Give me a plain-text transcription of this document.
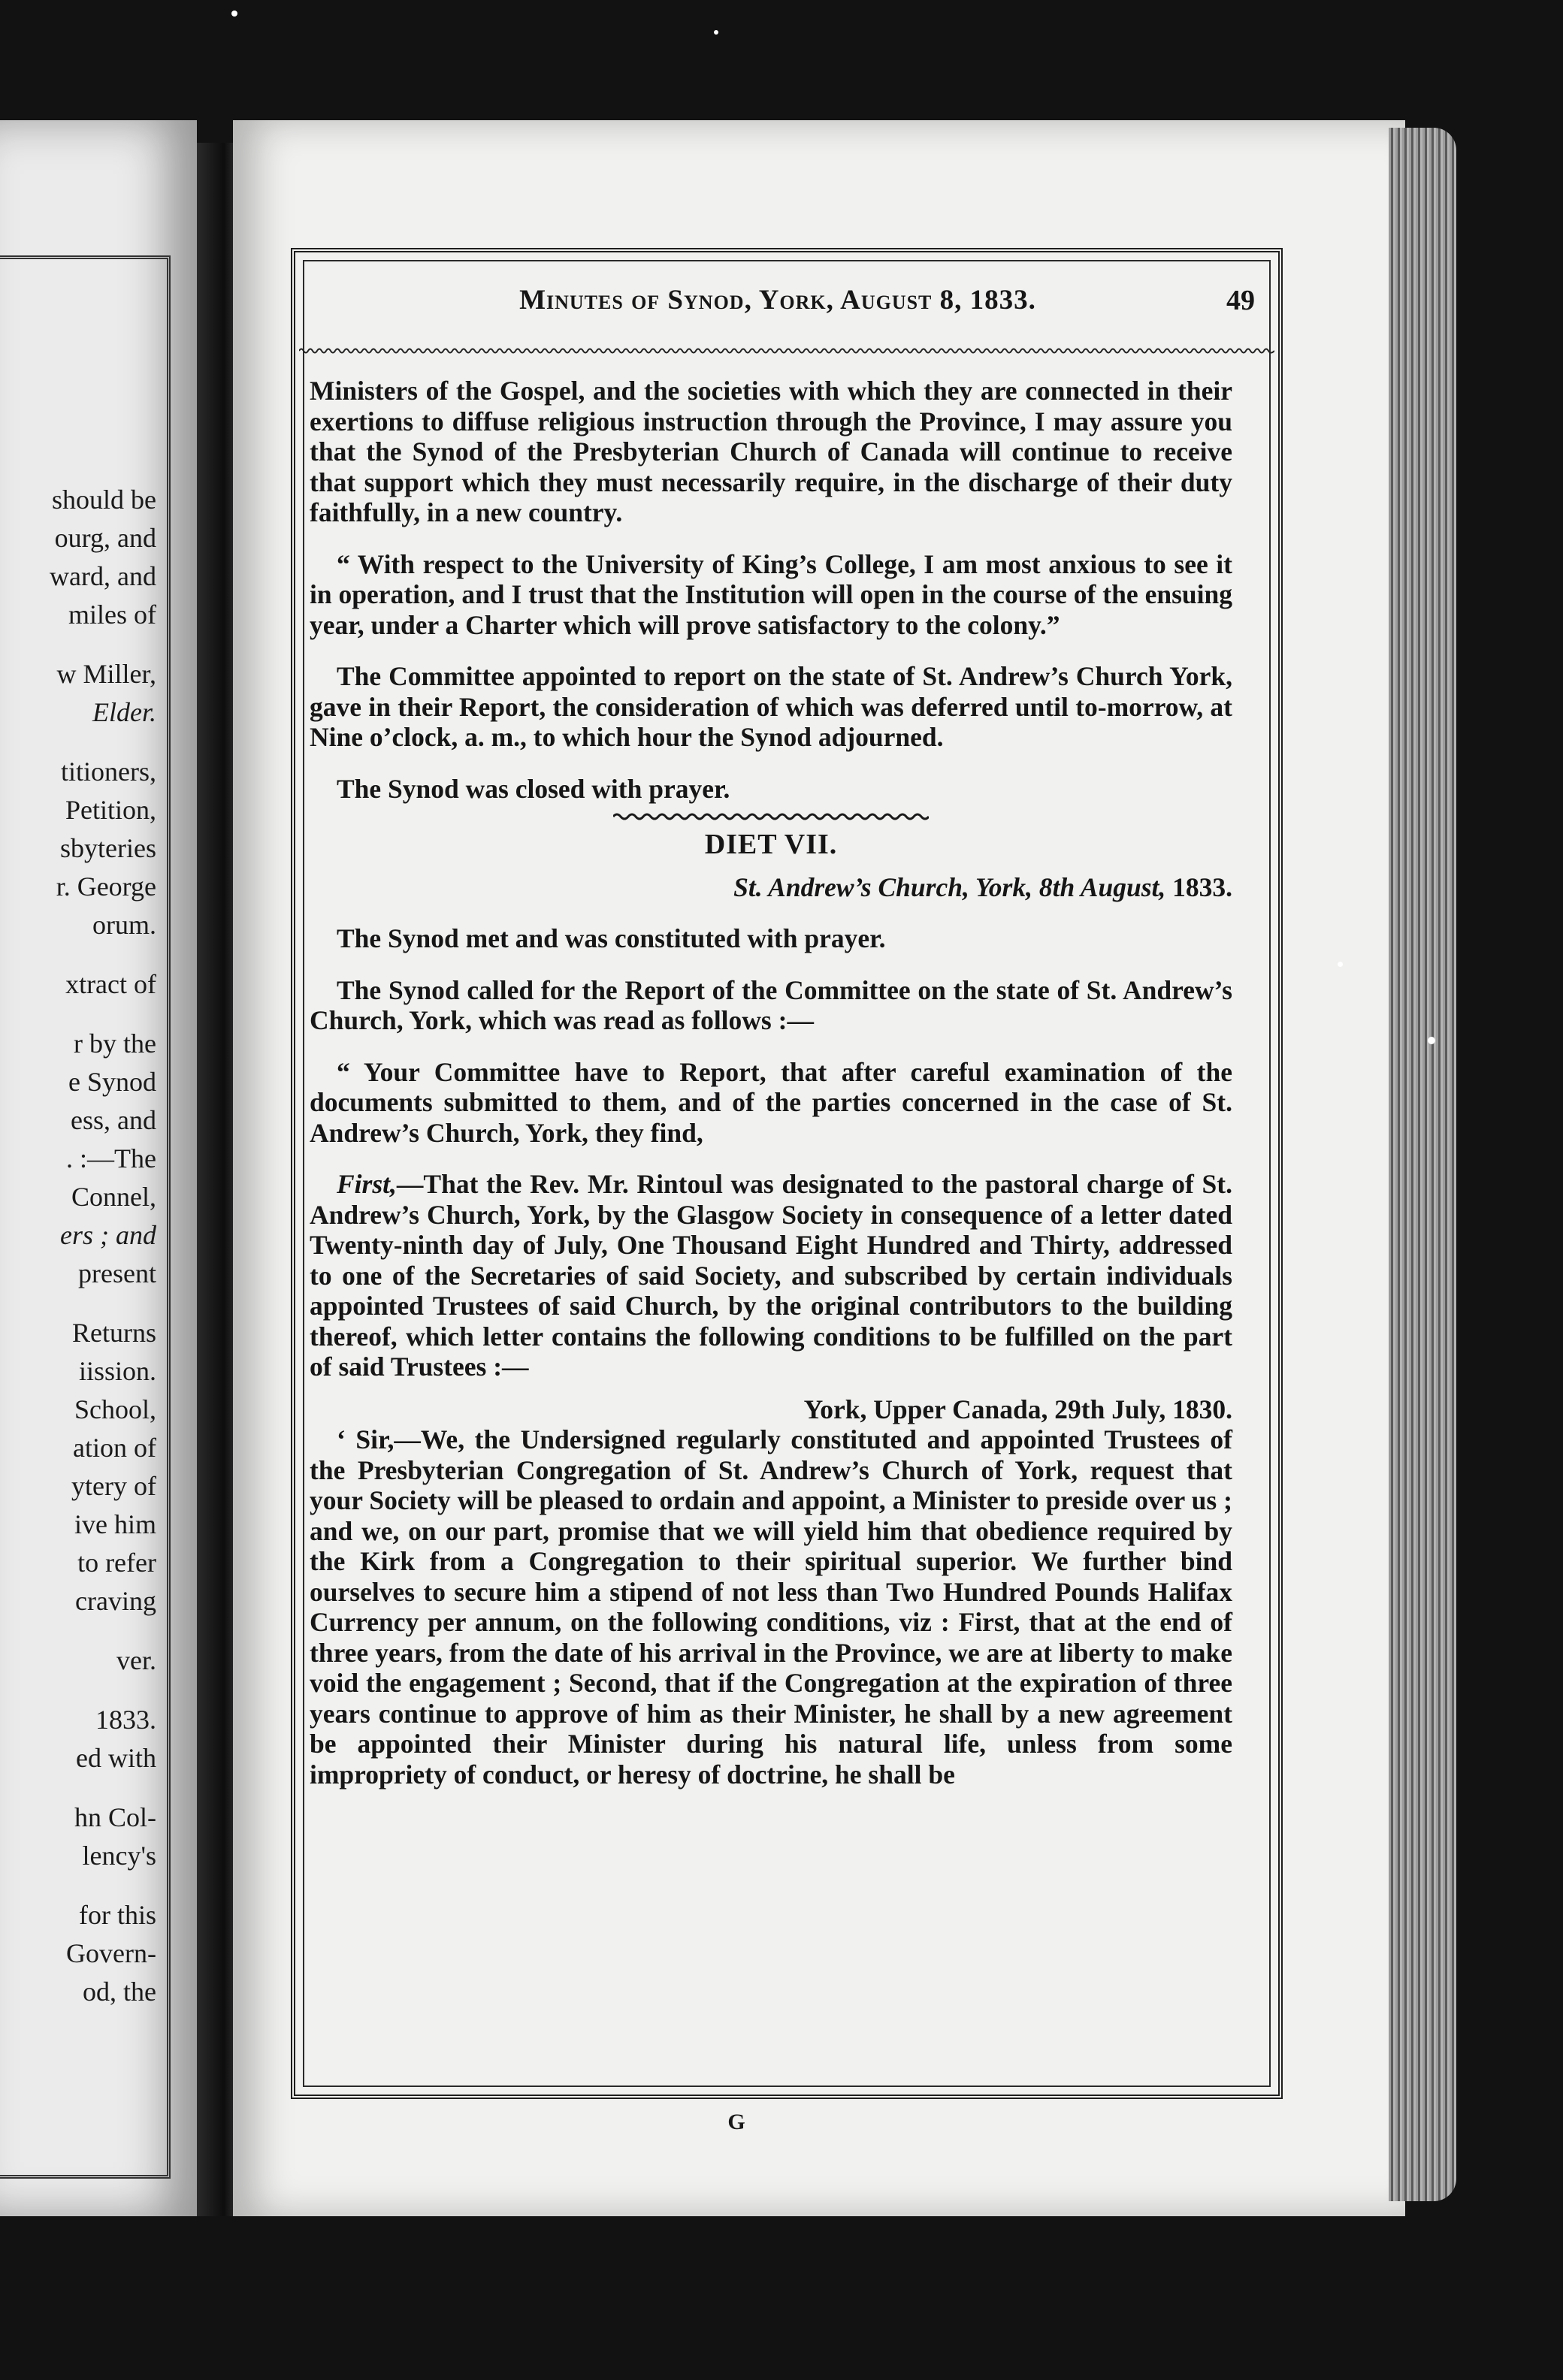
should be
ourg, and
ward, and
miles of
w Miller,
Elder.
titioners,
Petition,
sbyteries
r. George
orum.
xtract of
r by the
e Synod
ess, and
. :—The
Connel,
ers ; and
present
Returns
iission.
School,
ation of
ytery of
ive him
to refer
craving
ver.
1833.
ed with
hn Col-
lency's
for this
Govern-
od, the
Minutes of Synod, York, August 8, 1833.	49

Ministers of the Gospel, and the societies with which they are connected in their exertions to diffuse religious instruction through the Province, I may assure you that the Synod of the Presbyterian Church of Canada will continue to receive that support which they must necessarily require, in the discharge of their duty faithfully, in a new country.

“ With respect to the University of King’s College, I am most anxious to see it in operation, and I trust that the Institution will open in the course of the ensuing year, under a Charter which will prove satisfactory to the colony.”

The Committee appointed to report on the state of St. Andrew’s Church York, gave in their Report, the consideration of which was deferred until to-morrow, at Nine o’clock, a. m., to which hour the Synod adjourned.

The Synod was closed with prayer.

DIET VII.

St. Andrew’s Church, York, 8th August, 1833.

The Synod met and was constituted with prayer.

The Synod called for the Report of the Committee on the state of St. Andrew’s Church, York, which was read as follows :—

“ Your Committee have to Report, that after careful examination of the documents submitted to them, and of the parties concerned in the case of St. Andrew’s Church, York, they find,

First,—That the Rev. Mr. Rintoul was designated to the pastoral charge of St. Andrew’s Church, York, by the Glasgow Society in consequence of a letter dated Twenty-ninth day of July, One Thousand Eight Hundred and Thirty, addressed to one of the Secretaries of said Society, and subscribed by certain individuals appointed Trustees of said Church, by the original contributors to the building thereof, which letter contains the following conditions to be fulfilled on the part of said Trustees :—

York, Upper Canada, 29th July, 1830.

‘ Sir,—We, the Undersigned regularly constituted and appointed Trustees of the Presbyterian Congregation of St. Andrew’s Church of York, request that your Society will be pleased to ordain and appoint, a Minister to preside over us ; and we, on our part, promise that we will yield him that obedience required by the Kirk from a Congregation to their spiritual superior. We further bind ourselves to secure him a stipend of not less than Two Hundred Pounds Halifax Currency per annum, on the following conditions, viz : First, that at the end of three years, from the date of his arrival in the Province, we are at liberty to make void the engagement ; Second, that if the Congregation at the expiration of three years continue to approve of him as their Minister, he shall by a new agreement be appointed their Minister during his natural life, unless from some impropriety of conduct, or heresy of doctrine, he shall be

G
